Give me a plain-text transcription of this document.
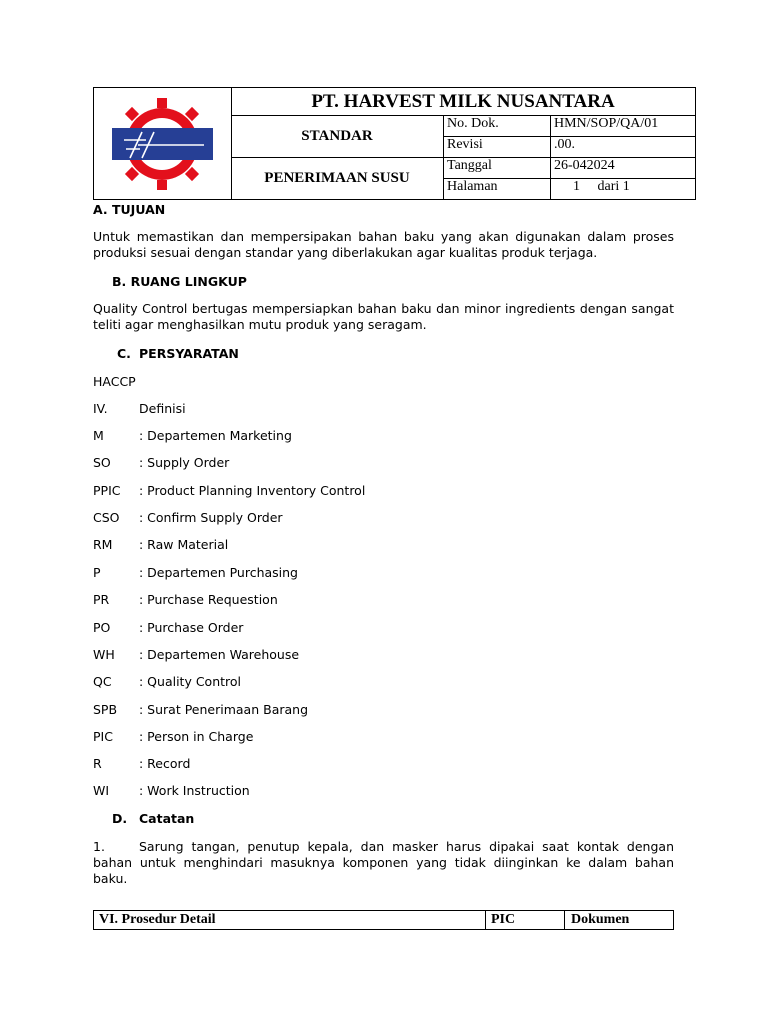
PT. HARVEST MILK NUSANTARA
STANDAR
PENERIMAAN SUSU
No. Dok.	HMN/SOP/QA/01
Revisi	.00.
Tanggal	26-042024
Halaman	1     dari 1
A. TUJUAN
Untuk memastikan dan mempersipakan bahan baku yang akan digunakan dalam proses produksi sesuai dengan standar yang diberlakukan agar kualitas produk terjaga.
B. RUANG LINGKUP
Quality Control bertugas mempersiapkan bahan baku dan minor ingredients dengan sangat teliti agar menghasilkan mutu produk yang seragam.
C. PERSYARATAN
HACCP
IV.	Definisi
M	: Departemen Marketing
SO : Supply Order
PPIC : Product Planning Inventory Control
CSO : Confirm Supply Order
RM : Raw Material
P	: Departemen Purchasing
PR : Purchase Requestion
PO : Purchase Order
WH : Departemen Warehouse
QC : Quality Control
SPB : Surat Penerimaan Barang
PIC : Person in Charge
R	: Record
WI : Work Instruction
D. Catatan
1.	Sarung tangan, penutup kepala, dan masker harus dipakai saat kontak dengan bahan untuk menghindari masuknya komponen yang tidak diinginkan ke dalam bahan baku.
VI. Prosedur Detail	PIC	Dokumen
